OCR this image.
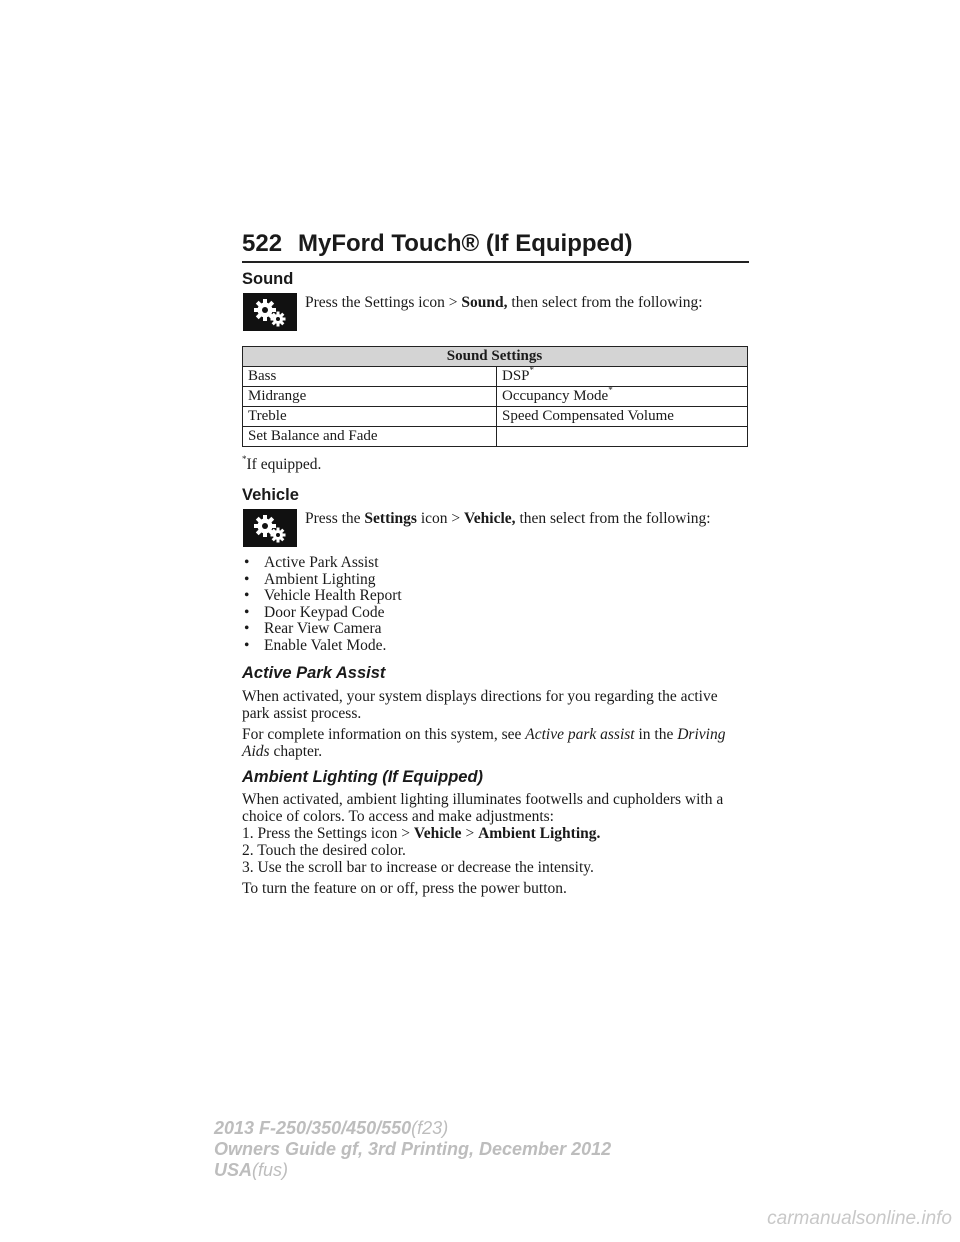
522 MyFord Touch® (If Equipped)
Sound
Press the Settings icon > Sound, then select from the following:
Sound Settings	
Bass	DSP*
Midrange	Occupancy Mode*
Treble	Speed Compensated Volume
Set Balance and Fade	
*If equipped.
Vehicle
Press the Settings icon > Vehicle, then select from the following:
• Active Park Assist
• Ambient Lighting
• Vehicle Health Report
• Door Keypad Code
• Rear View Camera
• Enable Valet Mode.
Active Park Assist
When activated, your system displays directions for you regarding the active park assist process.
For complete information on this system, see Active park assist in the Driving Aids chapter.
Ambient Lighting (If Equipped)
When activated, ambient lighting illuminates footwells and cupholders with a choice of colors. To access and make adjustments:
1. Press the Settings icon > Vehicle > Ambient Lighting.
2. Touch the desired color.
3. Use the scroll bar to increase or decrease the intensity.
To turn the feature on or off, press the power button.
2013 F-250/350/450/550(f23)
Owners Guide gf, 3rd Printing, December 2012
USA(fus)
carmanualsonline.info
